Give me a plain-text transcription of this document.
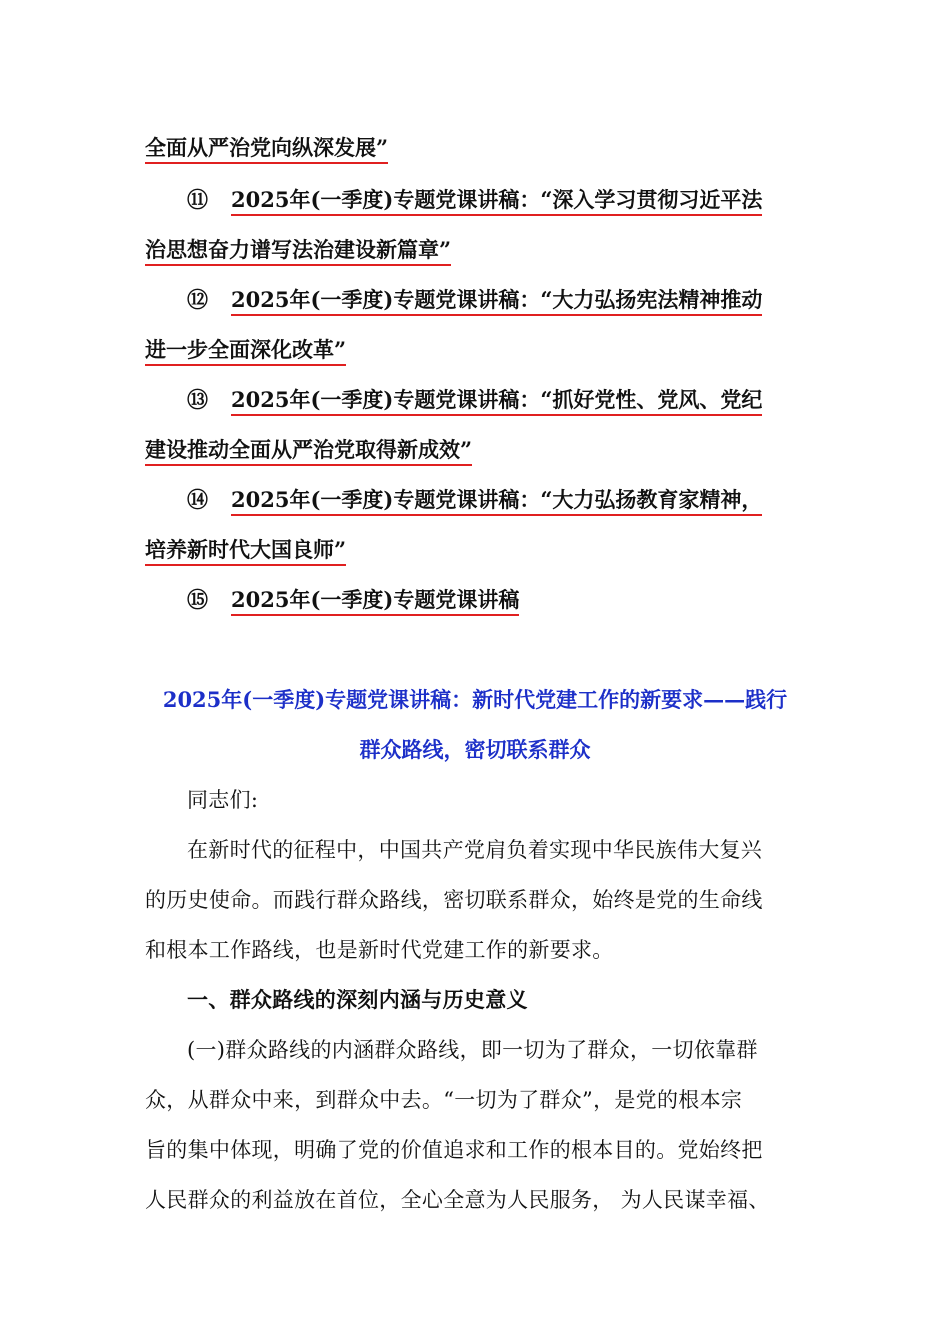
全面从严治党向纵深发展”
⑪ 2025年(一季度)专题党课讲稿：“深入学习贯彻习近平法
治思想奋力谱写法治建设新篇章”
⑫ 2025年(一季度)专题党课讲稿：“大力弘扬宪法精神推动
进一步全面深化改革”
⑬ 2025年(一季度)专题党课讲稿：“抓好党性、党风、党纪
建设推动全面从严治党取得新成效”
⑭ 2025年(一季度)专题党课讲稿：“大力弘扬教育家精神，
培养新时代大国良师”
⑮ 2025年(一季度)专题党课讲稿
2025年(一季度)专题党课讲稿：新时代党建工作的新要求——践行
群众路线，密切联系群众
同志们:
在新时代的征程中，中国共产党肩负着实现中华民族伟大复兴
的历史使命。而践行群众路线，密切联系群众，始终是党的生命线
和根本工作路线，也是新时代党建工作的新要求。
一、群众路线的深刻内涵与历史意义
(一)群众路线的内涵群众路线，即一切为了群众，一切依靠群
众，从群众中来，到群众中去。“一切为了群众”，是党的根本宗
旨的集中体现，明确了党的价值追求和工作的根本目的。党始终把
人民群众的利益放在首位，全心全意为人民服务， 为人民谋幸福、
